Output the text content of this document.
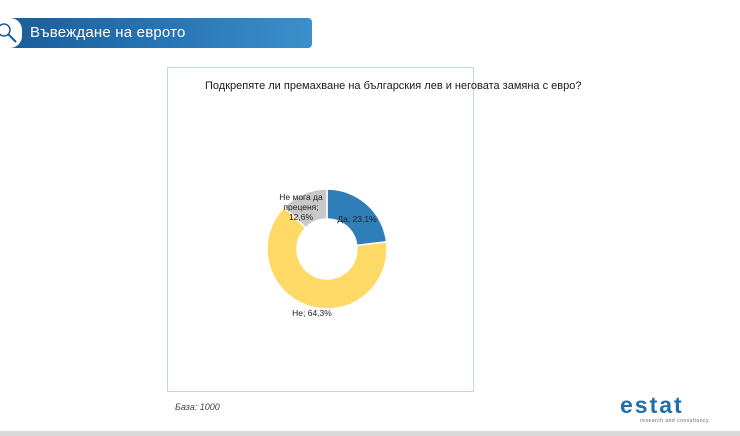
Въвеждане на еврото
Подкрепяте ли премахване на българския лев и неговата замяна с евро?
Да; 23,1%
Не; 64,3%
Не мога да преценя; 12,6%
База: 1000	estat
research and consultancy
